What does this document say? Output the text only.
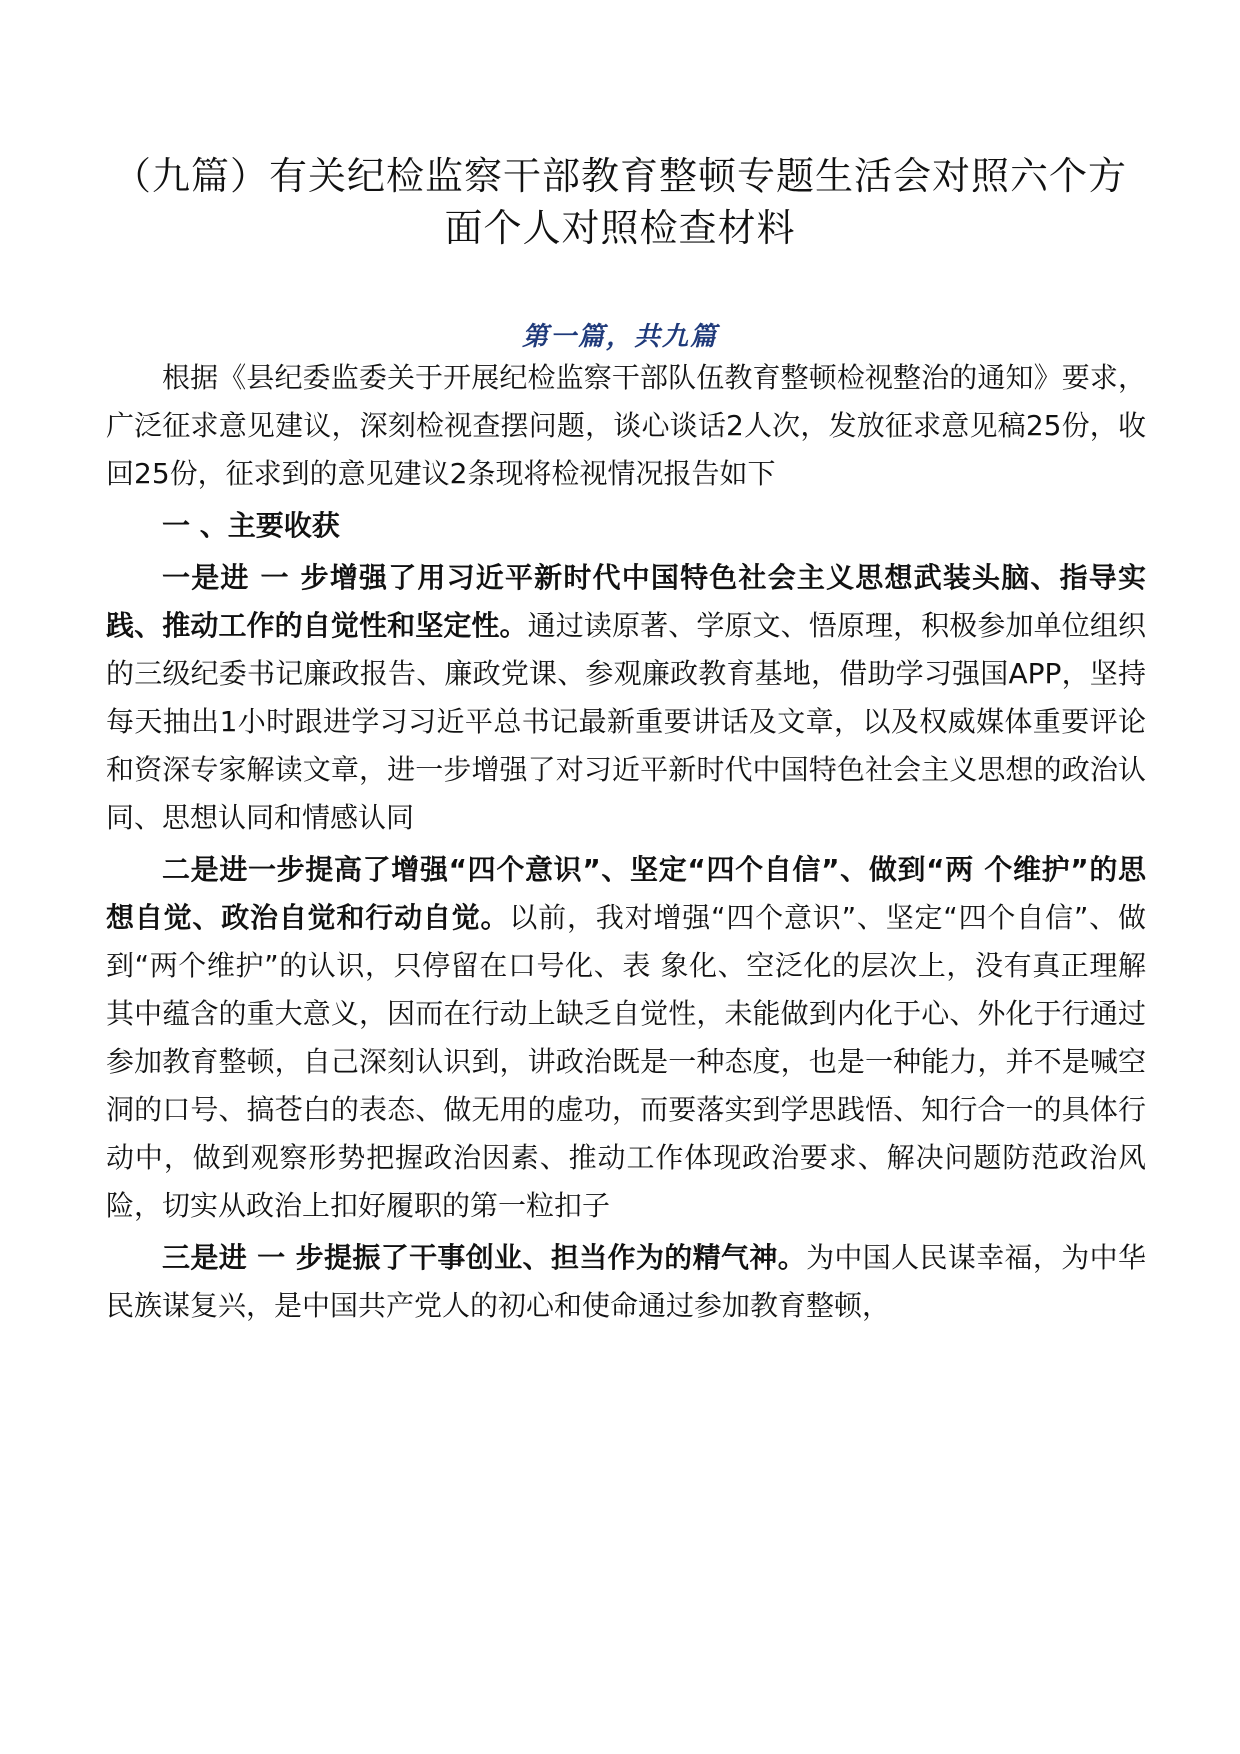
（九篇）有关纪检监察干部教育整顿专题生活会对照六个方面个人对照检查材料
第一篇，共九篇

根据《县纪委监委关于开展纪检监察干部队伍教育整顿检视整治的通知》要求，广泛征求意见建议，深刻检视查摆问题，谈心谈话2人次，发放征求意见稿25份，收回25份，征求到的意见建议2条现将检视情况报告如下

一 、主要收获

一是进 一 步增强了用习近平新时代中国特色社会主义思想武装头脑、指导实践、推动工作的自觉性和坚定性。通过读原著、学原文、悟原理，积极参加单位组织的三级纪委书记廉政报告、廉政党课、参观廉政教育基地，借助学习强国APP，坚持每天抽出1小时跟进学习习近平总书记最新重要讲话及文章，以及权威媒体重要评论和资深专家解读文章，进一步增强了对习近平新时代中国特色社会主义思想的政治认同、思想认同和情感认同

二是进一步提高了增强“四个意识”、坚定“四个自信”、做到“两 个维护”的思想自觉、政治自觉和行动自觉。以前，我对增强“四个意识”、坚定“四个自信”、做到“两个维护”的认识，只停留在口号化、表 象化、空泛化的层次上，没有真正理解其中蕴含的重大意义，因而在行动上缺乏自觉性，未能做到内化于心、外化于行通过参加教育整顿，自己深刻认识到，讲政治既是一种态度，也是一种能力，并不是喊空洞的口号、搞苍白的表态、做无用的虚功，而要落实到学思践悟、知行合一的具体行动中，做到观察形势把握政治因素、推动工作体现政治要求、解决问题防范政治风险，切实从政治上扣好履职的第一粒扣子

三是进 一 步提振了干事创业、担当作为的精气神。为中国人民谋幸福，为中华民族谋复兴，是中国共产党人的初心和使命通过参加教育整顿，
